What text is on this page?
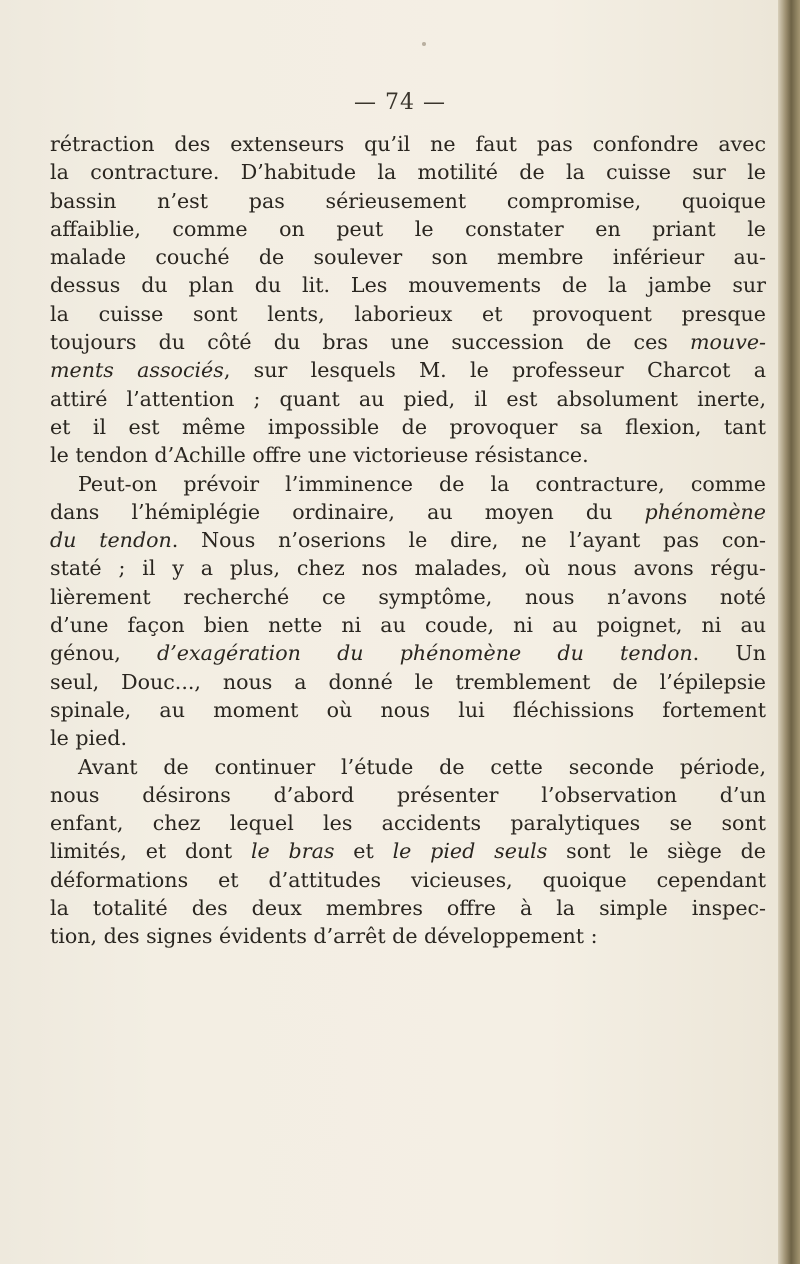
— 74 —
rétraction des extenseurs qu’il ne faut pas confondre avec
la contracture. D’habitude la motilité de la cuisse sur le
bassin n’est pas sérieusement compromise, quoique
affaiblie, comme on peut le constater en priant le
malade couché de soulever son membre inférieur au-
dessus du plan du lit. Les mouvements de la jambe sur
la cuisse sont lents, laborieux et provoquent presque
toujours du côté du bras une succession de ces mouve-
ments associés, sur lesquels M. le professeur Charcot a
attiré l’attention ; quant au pied, il est absolument inerte,
et il est même impossible de provoquer sa flexion, tant
le tendon d’Achille offre une victorieuse résistance.
Peut-on prévoir l’imminence de la contracture, comme
dans l’hémiplégie ordinaire, au moyen du phénomène
du tendon. Nous n’oserions le dire, ne l’ayant pas con-
staté ; il y a plus, chez nos malades, où nous avons régu-
lièrement recherché ce symptôme, nous n’avons noté
d’une façon bien nette ni au coude, ni au poignet, ni au
génou, d’exagération du phénomène du tendon. Un
seul, Douc..., nous a donné le tremblement de l’épilepsie
spinale, au moment où nous lui fléchissions fortement
le pied.
Avant de continuer l’étude de cette seconde période,
nous désirons d’abord présenter l’observation d’un
enfant, chez lequel les accidents paralytiques se sont
limités, et dont le bras et le pied seuls sont le siège de
déformations et d’attitudes vicieuses, quoique cependant
la totalité des deux membres offre à la simple inspec-
tion, des signes évidents d’arrêt de développement :
